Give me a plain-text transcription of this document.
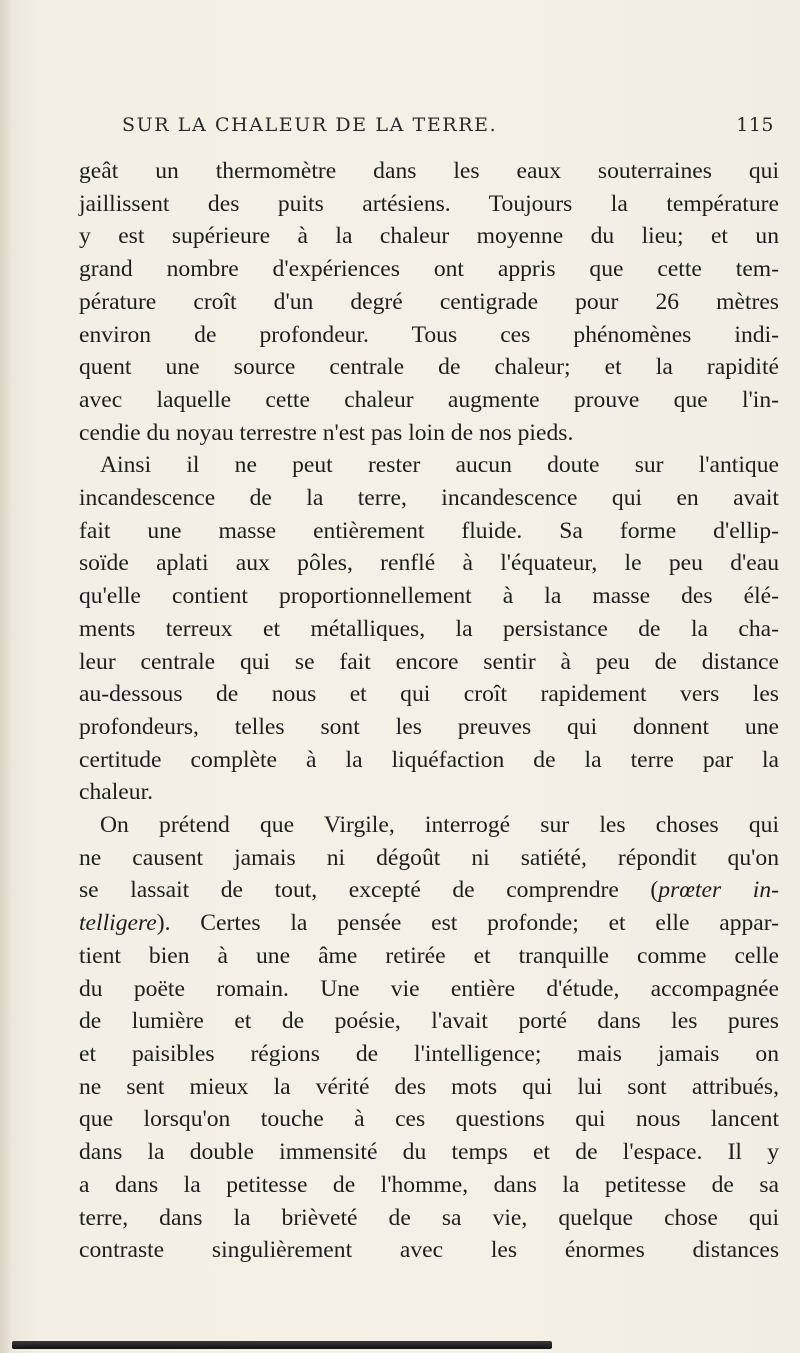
SUR LA CHALEUR DE LA TERRE.	115
geât un thermomètre dans les eaux souterraines qui
jaillissent des puits artésiens. Toujours la température
y est supérieure à la chaleur moyenne du lieu; et un
grand nombre d'expériences ont appris que cette tem-
pérature croît d'un degré centigrade pour 26 mètres
environ de profondeur. Tous ces phénomènes indi-
quent une source centrale de chaleur; et la rapidité
avec laquelle cette chaleur augmente prouve que l'in-
cendie du noyau terrestre n'est pas loin de nos pieds.
Ainsi il ne peut rester aucun doute sur l'antique
incandescence de la terre, incandescence qui en avait
fait une masse entièrement fluide. Sa forme d'ellip-
soïde aplati aux pôles, renflé à l'équateur, le peu d'eau
qu'elle contient proportionnellement à la masse des élé-
ments terreux et métalliques, la persistance de la cha-
leur centrale qui se fait encore sentir à peu de distance
au-dessous de nous et qui croît rapidement vers les
profondeurs, telles sont les preuves qui donnent une
certitude complète à la liquéfaction de la terre par la
chaleur.
On prétend que Virgile, interrogé sur les choses qui
ne causent jamais ni dégoût ni satiété, répondit qu'on
se lassait de tout, excepté de comprendre (prœter in-
telligere). Certes la pensée est profonde; et elle appar-
tient bien à une âme retirée et tranquille comme celle
du poëte romain. Une vie entière d'étude, accompagnée
de lumière et de poésie, l'avait porté dans les pures
et paisibles régions de l'intelligence; mais jamais on
ne sent mieux la vérité des mots qui lui sont attribués,
que lorsqu'on touche à ces questions qui nous lancent
dans la double immensité du temps et de l'espace. Il y
a dans la petitesse de l'homme, dans la petitesse de sa
terre, dans la brièveté de sa vie, quelque chose qui
contraste singulièrement avec les énormes distances
